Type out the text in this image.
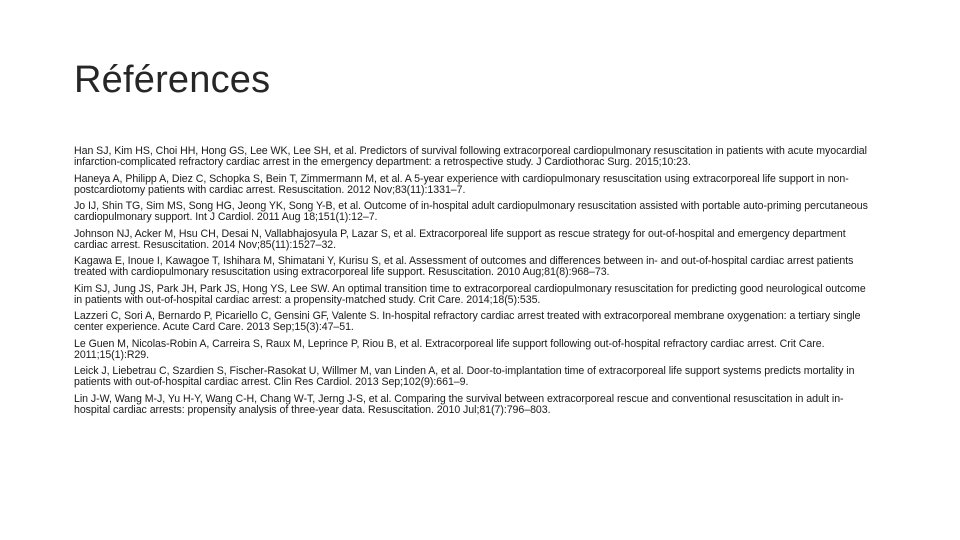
Références
Han SJ, Kim HS, Choi HH, Hong GS, Lee WK, Lee SH, et al. Predictors of survival following extracorporeal cardiopulmonary resuscitation in patients with acute myocardial infarction-complicated refractory cardiac arrest in the emergency department: a retrospective study. J Cardiothorac Surg. 2015;10:23.
Haneya A, Philipp A, Diez C, Schopka S, Bein T, Zimmermann M, et al. A 5-year experience with cardiopulmonary resuscitation using extracorporeal life support in non-postcardiotomy patients with cardiac arrest. Resuscitation. 2012 Nov;83(11):1331–7.
Jo IJ, Shin TG, Sim MS, Song HG, Jeong YK, Song Y-B, et al. Outcome of in-hospital adult cardiopulmonary resuscitation assisted with portable auto-priming percutaneous cardiopulmonary support. Int J Cardiol. 2011 Aug 18;151(1):12–7.
Johnson NJ, Acker M, Hsu CH, Desai N, Vallabhajosyula P, Lazar S, et al. Extracorporeal life support as rescue strategy for out-of-hospital and emergency department cardiac arrest. Resuscitation. 2014 Nov;85(11):1527–32.
Kagawa E, Inoue I, Kawagoe T, Ishihara M, Shimatani Y, Kurisu S, et al. Assessment of outcomes and differences between in- and out-of-hospital cardiac arrest patients treated with cardiopulmonary resuscitation using extracorporeal life support. Resuscitation. 2010 Aug;81(8):968–73.
Kim SJ, Jung JS, Park JH, Park JS, Hong YS, Lee SW. An optimal transition time to extracorporeal cardiopulmonary resuscitation for predicting good neurological outcome in patients with out-of-hospital cardiac arrest: a propensity-matched study. Crit Care. 2014;18(5):535.
Lazzeri C, Sori A, Bernardo P, Picariello C, Gensini GF, Valente S. In-hospital refractory cardiac arrest treated with extracorporeal membrane oxygenation: a tertiary single center experience. Acute Card Care. 2013 Sep;15(3):47–51.
Le Guen M, Nicolas-Robin A, Carreira S, Raux M, Leprince P, Riou B, et al. Extracorporeal life support following out-of-hospital refractory cardiac arrest. Crit Care. 2011;15(1):R29.
Leick J, Liebetrau C, Szardien S, Fischer-Rasokat U, Willmer M, van Linden A, et al. Door-to-implantation time of extracorporeal life support systems predicts mortality in patients with out-of-hospital cardiac arrest. Clin Res Cardiol. 2013 Sep;102(9):661–9.
Lin J-W, Wang M-J, Yu H-Y, Wang C-H, Chang W-T, Jerng J-S, et al. Comparing the survival between extracorporeal rescue and conventional resuscitation in adult in-hospital cardiac arrests: propensity analysis of three-year data. Resuscitation. 2010 Jul;81(7):796–803.
